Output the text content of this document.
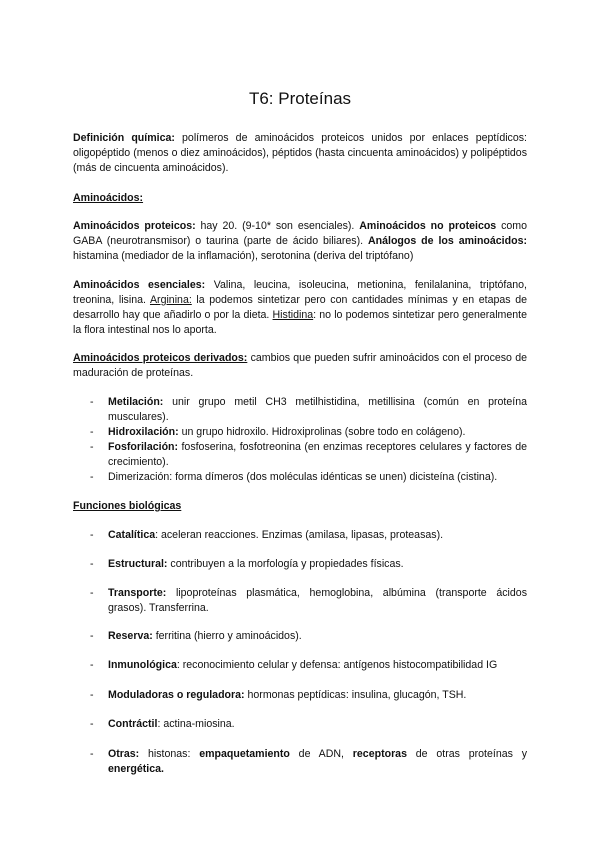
T6: Proteínas

Definición química: polímeros de aminoácidos proteicos unidos por enlaces peptídicos: oligopéptido (menos o diez aminoácidos), péptidos (hasta cincuenta aminoácidos) y polipéptidos (más de cincuenta aminoácidos).

Aminoácidos:

Aminoácidos proteicos: hay 20. (9-10* son esenciales). Aminoácidos no proteicos como GABA (neurotransmisor) o taurina (parte de ácido biliares). Análogos de los aminoácidos: histamina (mediador de la inflamación), serotonina (deriva del triptófano)

Aminoácidos esenciales: Valina, leucina, isoleucina, metionina, fenilalanina, triptófano, treonina, lisina. Arginina: la podemos sintetizar pero con cantidades mínimas y en etapas de desarrollo hay que añadirlo o por la dieta. Histidina: no lo podemos sintetizar pero generalmente la flora intestinal nos lo aporta.

Aminoácidos proteicos derivados: cambios que pueden sufrir aminoácidos con el proceso de maduración de proteínas.

- Metilación: unir grupo metil CH3 metilhistidina, metillisina (común en proteína musculares).
- Hidroxilación: un grupo hidroxilo. Hidroxiprolinas (sobre todo en colágeno).
- Fosforilación: fosfoserina, fosfotreonina (en enzimas receptores celulares y factores de crecimiento).
- Dimerización: forma dímeros (dos moléculas idénticas se unen) dicisteína (cistina).

Funciones biológicas

- Catalítica: aceleran reacciones. Enzimas (amilasa, lipasas, proteasas).
- Estructural: contribuyen a la morfología y propiedades físicas.
- Transporte: lipoproteínas plasmática, hemoglobina, albúmina (transporte ácidos grasos). Transferrina.
- Reserva: ferritina (hierro y aminoácidos).
- Inmunológica: reconocimiento celular y defensa: antígenos histocompatibilidad IG
- Moduladoras o reguladora: hormonas peptídicas: insulina, glucagón, TSH.
- Contráctil: actina-miosina.
- Otras: histonas: empaquetamiento de ADN, receptoras de otras proteínas y energética.
